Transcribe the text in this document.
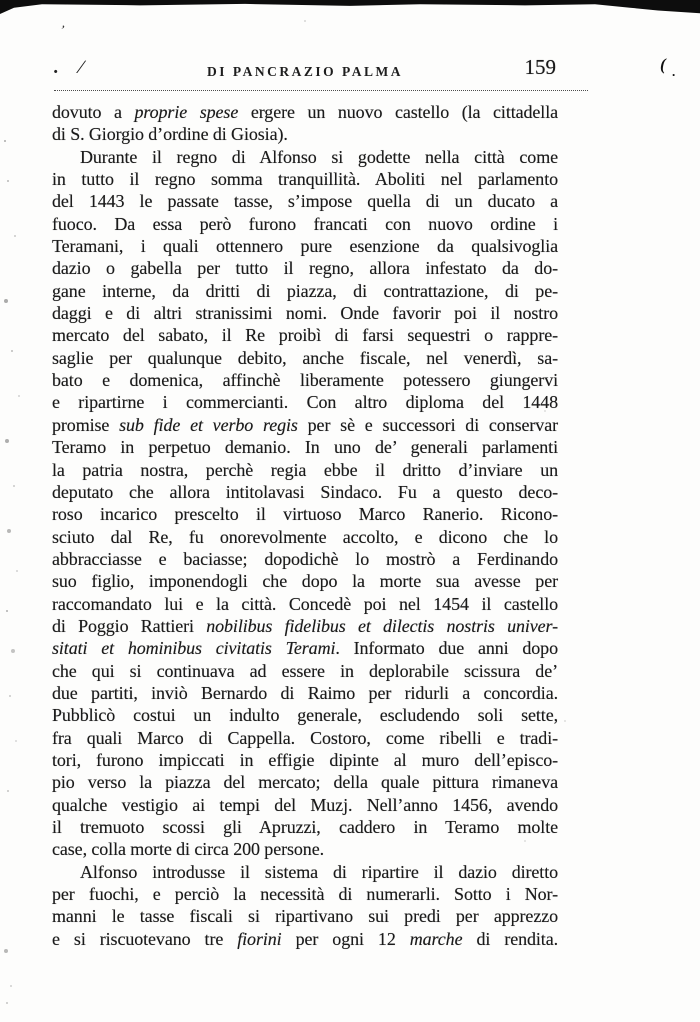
’
. ∕	DI PANCRAZIO PALMA	159
dovuto a proprie spese ergere un nuovo castello (la cittadella
di S. Giorgio d’ordine di Giosia).
Durante il regno di Alfonso si godette nella città come
in tutto il regno somma tranquillità. Aboliti nel parlamento
del 1443 le passate tasse, s’impose quella di un ducato a
fuoco. Da essa però furono francati con nuovo ordine i
Teramani, i quali ottennero pure esenzione da qualsivoglia
dazio o gabella per tutto il regno, allora infestato da do-
gane interne, da dritti di piazza, di contrattazione, di pe-
daggi e di altri stranissimi nomi. Onde favorir poi il nostro
mercato del sabato, il Re proibì di farsi sequestri o rappre-
saglie per qualunque debito, anche fiscale, nel venerdì, sa-
bato e domenica, affinchè liberamente potessero giungervi
e ripartirne i commercianti. Con altro diploma del 1448
promise sub fide et verbo regis per sè e successori di conservar
Teramo in perpetuo demanio. In uno de’ generali parlamenti
la patria nostra, perchè regia ebbe il dritto d’inviare un
deputato che allora intitolavasi Sindaco. Fu a questo deco-
roso incarico prescelto il virtuoso Marco Ranerio. Ricono-
sciuto dal Re, fu onorevolmente accolto, e dicono che lo
abbracciasse e baciasse; dopodichè lo mostrò a Ferdinando
suo figlio, imponendogli che dopo la morte sua avesse per
raccomandato lui e la città. Concedè poi nel 1454 il castello
di Poggio Rattieri nobilibus fidelibus et dilectis nostris univer-
sitati et hominibus civitatis Terami. Informato due anni dopo
che qui si continuava ad essere in deplorabile scissura de’
due partiti, inviò Bernardo di Raimo per ridurli a concordia.
Pubblicò costui un indulto generale, escludendo soli sette,
fra quali Marco di Cappella. Costoro, come ribelli e tradi-
tori, furono impiccati in effigie dipinte al muro dell’episco-
pio verso la piazza del mercato; della quale pittura rimaneva
qualche vestigio ai tempi del Muzj. Nell’anno 1456, avendo
il tremuoto scossi gli Apruzzi, caddero in Teramo molte
case, colla morte di circa 200 persone.
Alfonso introdusse il sistema di ripartire il dazio diretto
per fuochi, e perciò la necessità di numerarli. Sotto i Nor-
manni le tasse fiscali si ripartivano sui predi per apprezzo
e si riscuotevano tre fiorini per ogni 12 marche di rendita.
( .
